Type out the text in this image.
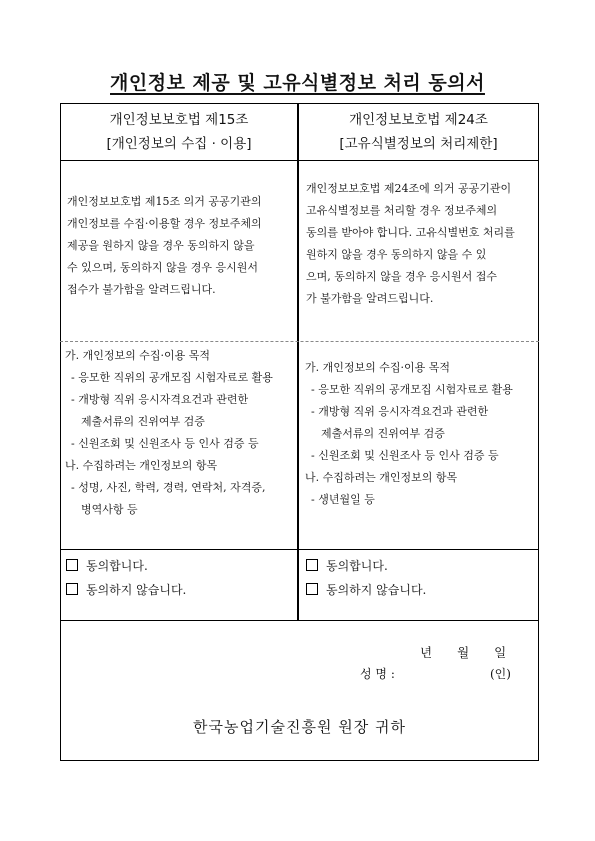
개인정보 제공 및 고유식별정보 처리 동의서
개인정보보호법 제15조
[개인정보의 수집 · 이용]
개인정보보호법 제24조
[고유식별정보의 처리제한]
개인정보보호법 제15조 의거 공공기관의
개인정보를 수집·이용할 경우 정보주체의
제공을 원하지 않을 경우 동의하지 않을
수 있으며, 동의하지 않을 경우 응시원서
접수가 불가함을 알려드립니다.
개인정보보호법 제24조에 의거 공공기관이
고유식별정보를 처리할 경우 정보주체의
동의를 받아야 합니다. 고유식별번호 처리를
원하지 않을 경우 동의하지 않을 수 있
으며, 동의하지 않을 경우 응시원서 접수
가 불가함을 알려드립니다.
가. 개인정보의 수집·이용 목적
- 응모한 직위의 공개모집 시험자료로 활용
- 개방형 직위 응시자격요건과 관련한
제출서류의 진위여부 검증
- 신원조회 및 신원조사 등 인사 검증 등
나. 수집하려는 개인정보의 항목
- 성명, 사진, 학력, 경력, 연락처, 자격증,
병역사항 등
가. 개인정보의 수집·이용 목적
- 응모한 직위의 공개모집 시험자료로 활용
- 개방형 직위 응시자격요건과 관련한
제출서류의 진위여부 검증
- 신원조회 및 신원조사 등 인사 검증 등
나. 수집하려는 개인정보의 항목
- 생년월일 등
동의합니다.
동의하지 않습니다.
동의합니다.
동의하지 않습니다.
년 월 일
성 명 :	(인)
한국농업기술진흥원 원장 귀하
